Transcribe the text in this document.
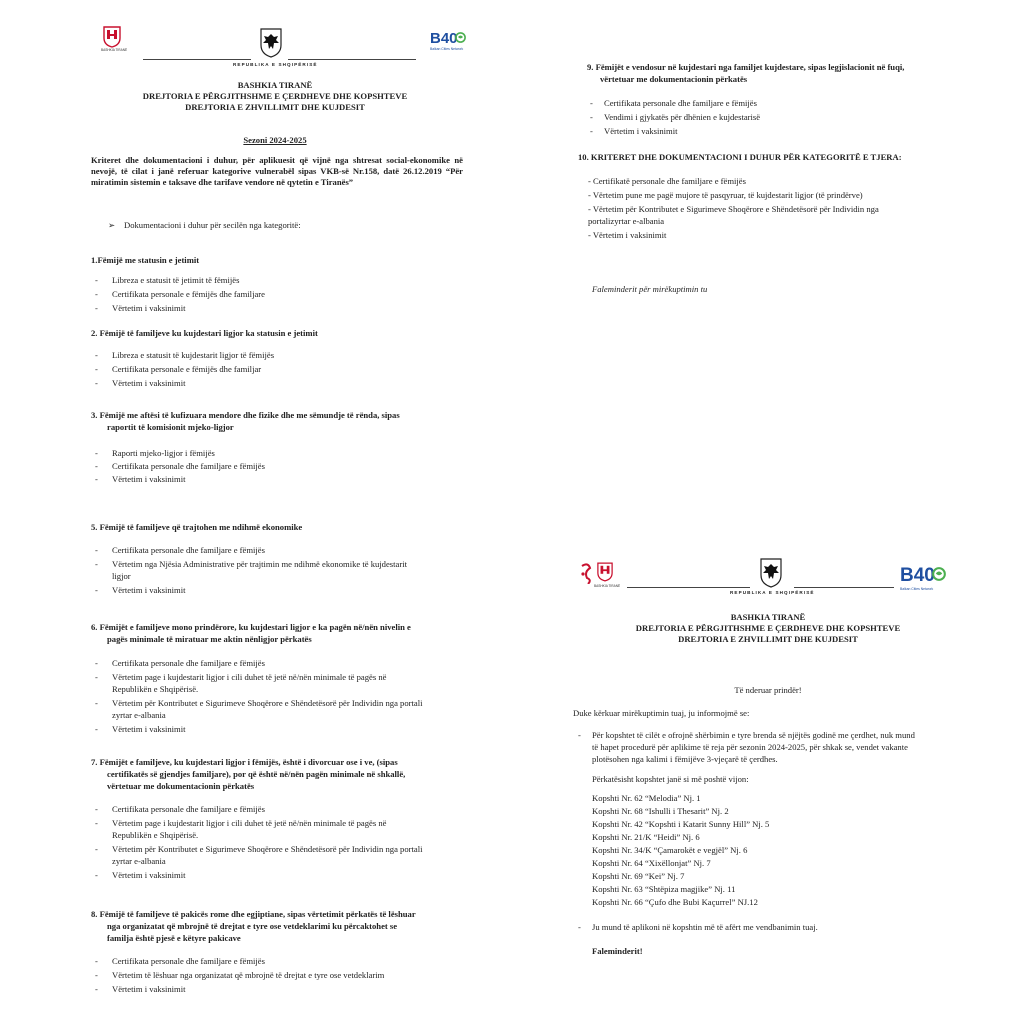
BASHKIA TIRANË
REPUBLIKA E SHQIPËRISË
B40
Balkan Cities Network

BASHKIA TIRANË

DREJTORIA E PËRGJITHSHME E ÇERDHEVE DHE KOPSHTEVE

DREJTORIA E ZHVILLIMIT DHE KUJDESIT

Sezoni 2024-2025

Kriteret dhe dokumentacioni i duhur, për aplikuesit që vijnë nga shtresat social-ekonomike në nevojë, të cilat i janë referuar kategorive vulnerabël sipas VKB-së Nr.158, datë 26.12.2019 “Për miratimin sistemin e taksave dhe tarifave vendore në qytetin e Tiranës”

➢ Dokumentacioni i duhur për secilën nga kategoritë:

1.Fëmijë me statusin e jetimit

- Libreza e statusit të jetimit të fëmijës

- Certifikata personale e fëmijës dhe familjare

- Vërtetim i vaksinimit

2. Fëmijë të familjeve ku kujdestari ligjor ka statusin e jetimit

- Libreza e statusit të kujdestarit ligjor të fëmijës

- Certifikata personale e fëmijës dhe familjar

- Vërtetim i vaksinimit

3. Fëmijë me aftësi të kufizuara mendore dhe fizike dhe me sëmundje të rënda, sipas

raportit të komisionit mjeko-ligjor

- Raporti mjeko-ligjor i fëmijës

- Certifikata personale dhe familjare e fëmijës

- Vërtetim i vaksinimit

5. Fëmijë të familjeve që trajtohen me ndihmë ekonomike

- Certifikata personale dhe familjare e fëmijës

- Vërtetim nga Njësia Administrative për trajtimin me ndihmë ekonomike të kujdestarit

ligjor

- Vërtetim i vaksinimit

6. Fëmijët e familjeve mono prindërore, ku kujdestari ligjor e ka pagën në/nën nivelin e

pagës minimale të miratuar me aktin nënligjor përkatës

- Certifikata personale dhe familjare e fëmijës

- Vërtetim page i kujdestarit ligjor i cili duhet të jetë në/nën minimale të pagës në

Republikën e Shqipërisë.

- Vërtetim për Kontributet e Sigurimeve Shoqërore e Shëndetësorë për Individin nga portali

zyrtar e-albania

- Vërtetim i vaksinimit

7. Fëmijët e familjeve, ku kujdestari ligjor i fëmijës, është i divorcuar ose i ve, (sipas

certifikatës së gjendjes familjare), por që është në/nën pagën minimale në shkallë,

vërtetuar me dokumentacionin përkatës

- Certifikata personale dhe familjare e fëmijës

- Vërtetim page i kujdestarit ligjor i cili duhet të jetë në/nën minimale të pagës në

Republikën e Shqipërisë.

- Vërtetim për Kontributet e Sigurimeve Shoqërore e Shëndetësorë për Individin nga portali

zyrtar e-albania

- Vërtetim i vaksinimit

8. Fëmijë të familjeve të pakicës rome dhe egjiptiane, sipas vërtetimit përkatës të lëshuar

nga organizatat që mbrojnë të drejtat e tyre ose vetdeklarimi ku përcaktohet se

familja është pjesë e këtyre pakicave

- Certifikata personale dhe familjare e fëmijës

- Vërtetim të lëshuar nga organizatat që mbrojnë të drejtat e tyre ose vetdeklarim

- Vërtetim i vaksinimit

9. Fëmijët e vendosur në kujdestari nga familjet kujdestare, sipas legjislacionit në fuqi,

vërtetuar me dokumentacionin përkatës

- Certifikata personale dhe familjare e fëmijës

- Vendimi i gjykatës për dhënien e kujdestarisë

- Vërtetim i vaksinimit

10. KRITERET DHE DOKUMENTACIONI I DUHUR PËR KATEGORITË E TJERA:

- Certifikatë personale dhe familjare e fëmijës

- Vërtetim pune me pagë mujore të pasqyruar, të kujdestarit ligjor (të prindërve)

- Vërtetim për Kontributet e Sigurimeve Shoqërore e Shëndetësorë për Individin nga

portalizyrtar e-albania

- Vërtetim i vaksinimit

Faleminderit për mirëkuptimin tu

BASHKIA TIRANË
REPUBLIKA E SHQIPËRISË
B40
Balkan Cities Network

BASHKIA TIRANË

DREJTORIA E PËRGJITHSHME E ÇERDHEVE DHE KOPSHTEVE

DREJTORIA E ZHVILLIMIT DHE KUJDESIT

Të nderuar prindër!

Duke kërkuar mirëkuptimin tuaj, ju informojmë se:

- Për kopshtet të cilët e ofrojnë shërbimin e tyre brenda së njëjtës godinë me çerdhet, nuk mund

të hapet procedurë për aplikime të reja për sezonin 2024-2025, për shkak se, vendet vakante

plotësohen nga kalimi i fëmijëve 3-vjeçarë të çerdhes.

Përkatësisht kopshtet janë si më poshtë vijon:

Kopshti Nr. 62 “Melodia” Nj. 1

Kopshti Nr. 68 “Ishulli i Thesarit” Nj. 2

Kopshti Nr. 42 “Kopshti i Katarit Sunny Hill” Nj. 5

Kopshti Nr. 21/K “Heidi” Nj. 6

Kopshti Nr. 34/K “Çamarokët e vegjël” Nj. 6

Kopshti Nr. 64 “Xixëllonjat” Nj. 7

Kopshti Nr. 69 “Kei” Nj. 7

Kopshti Nr. 63 “Shtëpiza magjike” Nj. 11

Kopshti Nr. 66 “Çufo dhe Bubi Kaçurrel” NJ.12

- Ju mund të aplikoni në kopshtin më të afërt me vendbanimin tuaj.

Faleminderit!
